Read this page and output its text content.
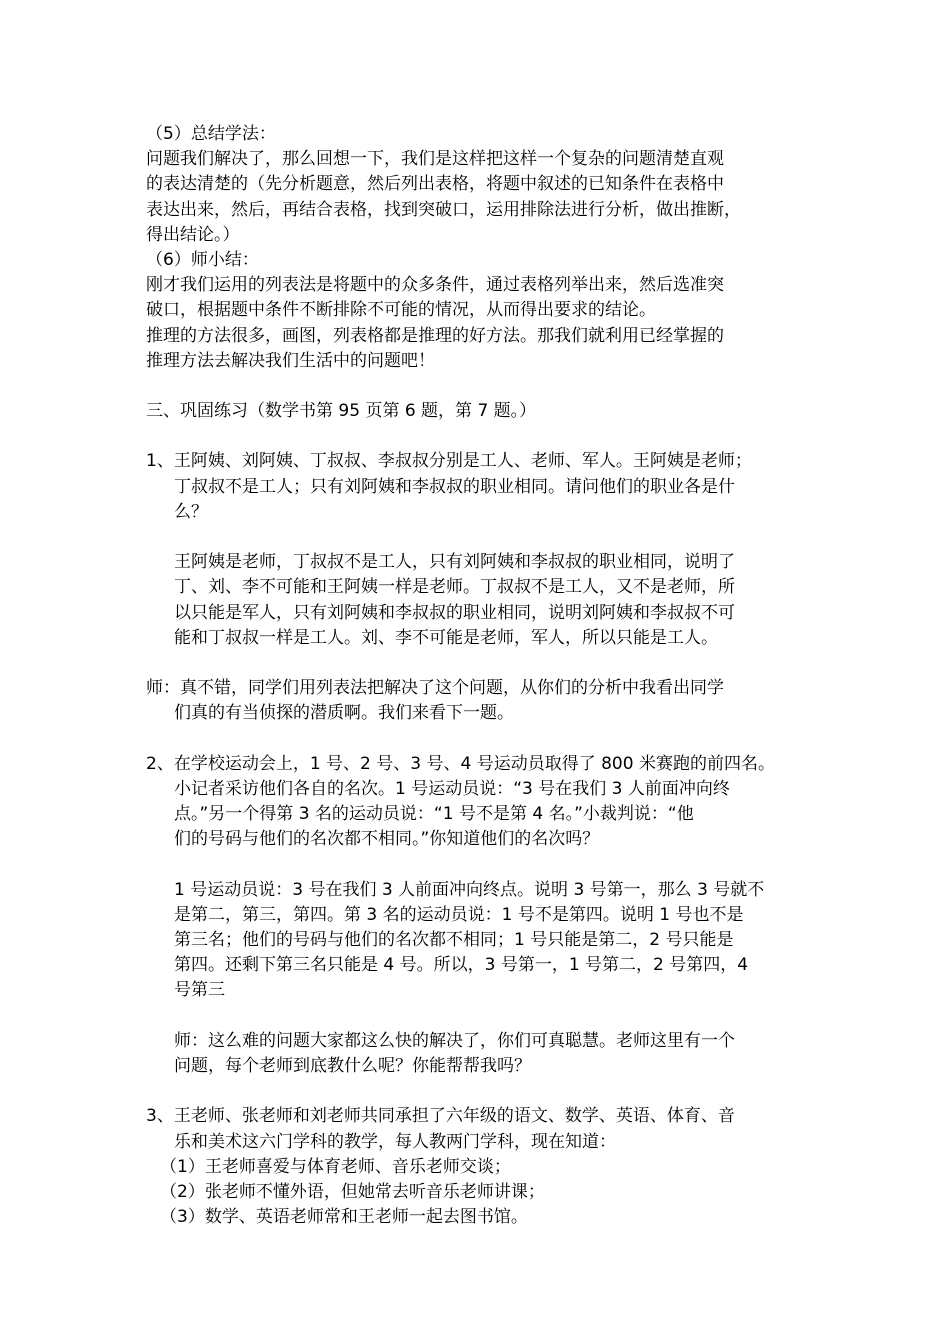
（5）总结学法：
问题我们解决了，那么回想一下，我们是这样把这样一个复杂的问题清楚直观
的表达清楚的（先分析题意，然后列出表格，将题中叙述的已知条件在表格中
表达出来，然后，再结合表格，找到突破口，运用排除法进行分析，做出推断，
得出结论。）
（6）师小结：
刚才我们运用的列表法是将题中的众多条件，通过表格列举出来，然后选准突
破口，根据题中条件不断排除不可能的情况，从而得出要求的结论。
推理的方法很多，画图，列表格都是推理的好方法。那我们就利用已经掌握的
推理方法去解决我们生活中的问题吧！
三、巩固练习（数学书第 95 页第 6 题，第 7 题。）
1、王阿姨、刘阿姨、丁叔叔、李叔叔分别是工人、老师、军人。王阿姨是老师；
丁叔叔不是工人；只有刘阿姨和李叔叔的职业相同。请问他们的职业各是什
么？
王阿姨是老师，丁叔叔不是工人，只有刘阿姨和李叔叔的职业相同，说明了
丁、刘、李不可能和王阿姨一样是老师。丁叔叔不是工人，又不是老师，所
以只能是军人，只有刘阿姨和李叔叔的职业相同，说明刘阿姨和李叔叔不可
能和丁叔叔一样是工人。刘、李不可能是老师，军人，所以只能是工人。
师：真不错，同学们用列表法把解决了这个问题，从你们的分析中我看出同学
们真的有当侦探的潜质啊。我们来看下一题。
2、在学校运动会上，1 号、2 号、3 号、4 号运动员取得了 800 米赛跑的前四名。
小记者采访他们各自的名次。1 号运动员说：“3 号在我们 3 人前面冲向终
点。”另一个得第 3 名的运动员说：“1 号不是第 4 名。”小裁判说：“他
们的号码与他们的名次都不相同。”你知道他们的名次吗？
1 号运动员说：3 号在我们 3 人前面冲向终点。说明 3 号第一，那么 3 号就不
是第二，第三，第四。第 3 名的运动员说：1 号不是第四。说明 1 号也不是
第三名；他们的号码与他们的名次都不相同；1 号只能是第二，2 号只能是
第四。还剩下第三名只能是 4 号。所以，3 号第一，1 号第二，2 号第四，4
号第三
师：这么难的问题大家都这么快的解决了，你们可真聪慧。老师这里有一个
问题，每个老师到底教什么呢？你能帮帮我吗？
3、王老师、张老师和刘老师共同承担了六年级的语文、数学、英语、体育、音
乐和美术这六门学科的教学，每人教两门学科，现在知道：
（1）王老师喜爱与体育老师、音乐老师交谈；
（2）张老师不懂外语，但她常去听音乐老师讲课；
（3）数学、英语老师常和王老师一起去图书馆。
